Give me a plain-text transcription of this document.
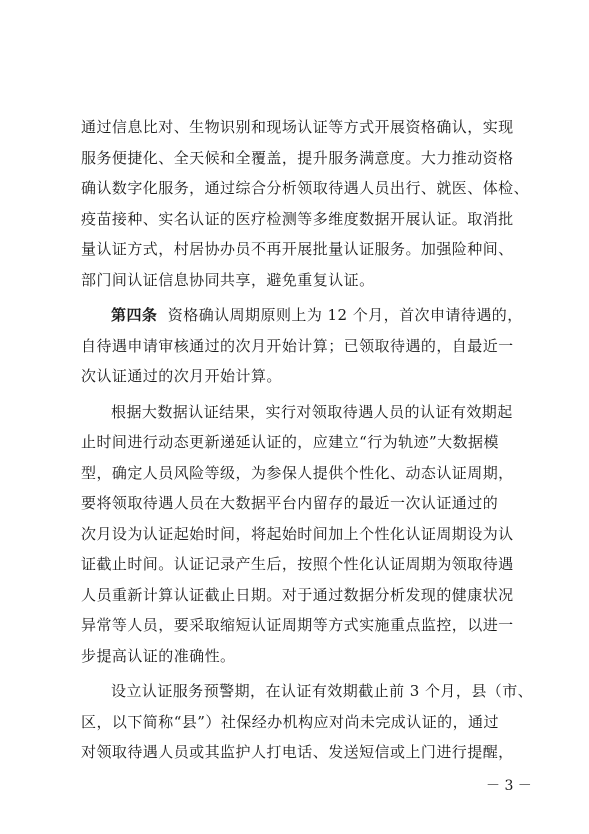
通过信息比对、生物识别和现场认证等方式开展资格确认，实现
服务便捷化、全天候和全覆盖，提升服务满意度。大力推动资格
确认数字化服务，通过综合分析领取待遇人员出行、就医、体检、
疫苗接种、实名认证的医疗检测等多维度数据开展认证。取消批
量认证方式，村居协办员不再开展批量认证服务。加强险种间、
部门间认证信息协同共享，避免重复认证。
第四条 资格确认周期原则上为 12 个月，首次申请待遇的，
自待遇申请审核通过的次月开始计算；已领取待遇的，自最近一
次认证通过的次月开始计算。
根据大数据认证结果，实行对领取待遇人员的认证有效期起
止时间进行动态更新递延认证的，应建立“行为轨迹”大数据模
型，确定人员风险等级，为参保人提供个性化、动态认证周期，
要将领取待遇人员在大数据平台内留存的最近一次认证通过的
次月设为认证起始时间，将起始时间加上个性化认证周期设为认
证截止时间。认证记录产生后，按照个性化认证周期为领取待遇
人员重新计算认证截止日期。对于通过数据分析发现的健康状况
异常等人员，要采取缩短认证周期等方式实施重点监控，以进一
步提高认证的准确性。
设立认证服务预警期，在认证有效期截止前 3 个月，县（市、
区，以下简称“县”）社保经办机构应对尚未完成认证的，通过
对领取待遇人员或其监护人打电话、发送短信或上门进行提醒，
－ 3 －
